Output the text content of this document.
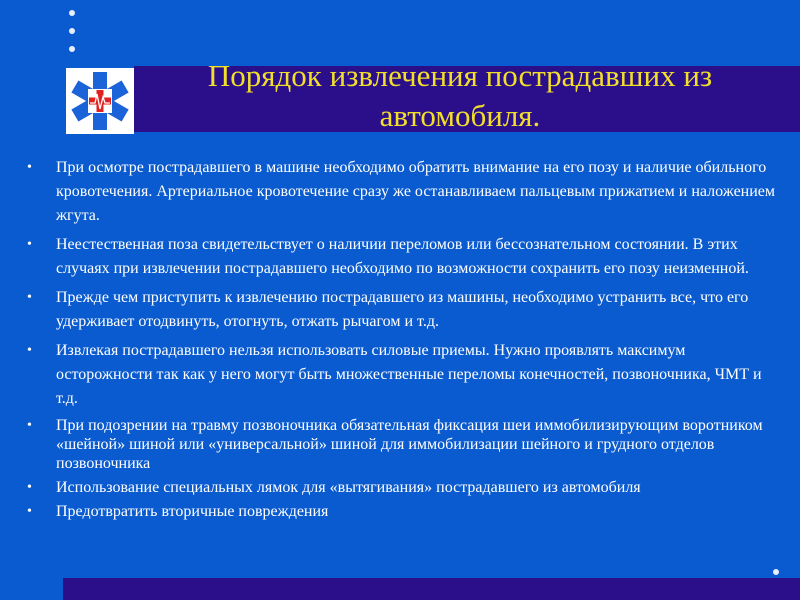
Порядок извлечения пострадавших из
автомобиля.
• При осмотре пострадавшего в машине необходимо обратить внимание на его позу и наличие обильного кровотечения. Артериальное кровотечение сразу же останавливаем пальцевым прижатием и наложением жгута.
• Неестественная поза свидетельствует о наличии переломов или бессознательном состоянии. В этих случаях при извлечении пострадавшего необходимо по возможности сохранить его позу неизменной.
• Прежде чем приступить к извлечению пострадавшего из машины, необходимо устранить все, что его удерживает отодвинуть, отогнуть, отжать рычагом и т.д.
• Извлекая пострадавшего нельзя использовать силовые приемы. Нужно проявлять максимум осторожности так как у него могут быть множественные переломы конечностей, позвоночника, ЧМТ и т.д.
• При подозрении на травму позвоночника обязательная фиксация шеи иммобилизирующим воротником «шейной» шиной или «универсальной» шиной для иммобилизации шейного и грудного отделов позвоночника
• Использование специальных лямок для «вытягивания» пострадавшего из автомобиля
• Предотвратить вторичные повреждения
